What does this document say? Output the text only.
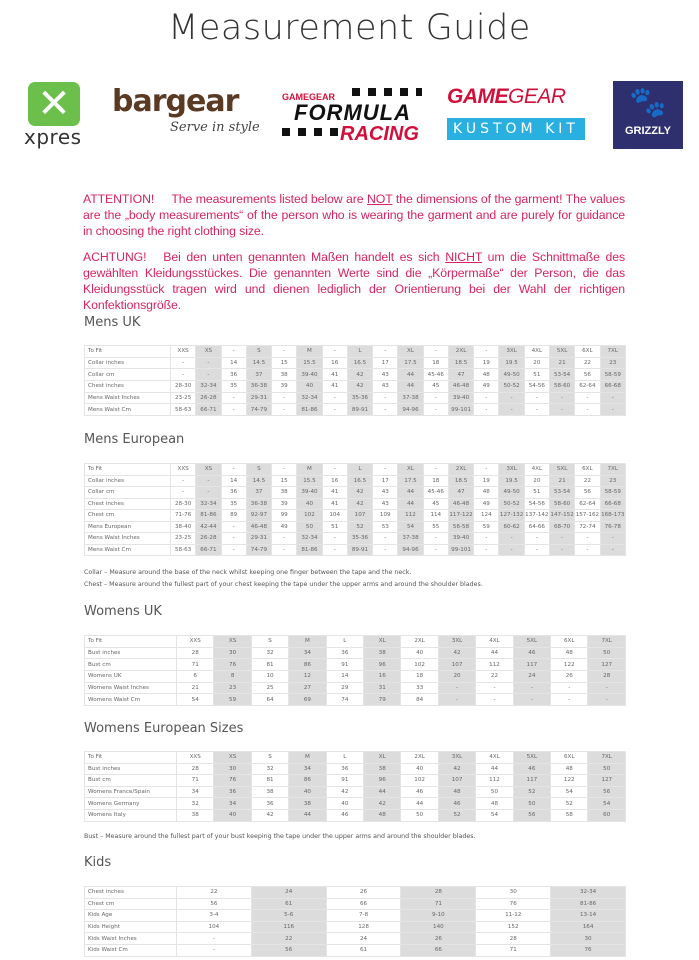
Measurement Guide
✕
xpres
bargear
Serve in style
GAMEGEAR
FORMULA
RACING
GAMEGEAR
KUSTOM KIT
🐾
GRIZZLY
ATTENTION!     The measurements listed below are NOT the dimensions of the garment! The values are the „body measurements“ of the person who is wearing the garment and are purely for guidance in choosing the right clothing size.
ACHTUNG!   Bei den unten genannten Maßen handelt es sich NICHT um die Schnittmaße des gewählten Kleidungsstückes. Die genannten Werte sind die „Körpermaße“ der Person, die das Kleidungsstück tragen wird und dienen lediglich der Orientierung bei der Wahl der richtigen Konfektionsgröße.
Mens UK
To Fit	XXS	XS	-	S	-	M	-	L	-	XL	-	2XL	-	3XL	4XL	5XL	6XL	7XL
Collar inches	-	-	14	14.5	15	15.5	16	16.5	17	17.5	18	18.5	19	19.5	20	21	22	23
Collar cm	-	-	36	37	38	39-40	41	42	43	44	45-46	47	48	49-50	51	53-54	56	58-59
Chest inches	28-30	32-34	35	36-38	39	40	41	42	43	44	45	46-48	49	50-52	54-56	58-60	62-64	66-68
Mens Waist Inches	23-25	26-28	-	29-31	-	32-34	-	35-36	-	37-38	-	39-40	-	-	-	-	-	-
Mens Waist Cm	58-63	66-71	-	74-79	-	81-86	-	89-91	-	94-96	-	99-101	-	-	-	-	-	-
Mens European
To Fit	XXS	XS	-	S	-	M	-	L	-	XL	-	2XL	-	3XL	4XL	5XL	6XL	7XL
Collar inches	-	-	14	14.5	15	15.5	16	16.5	17	17.5	18	18.5	19	19.5	20	21	22	23
Collar cm	-	-	36	37	38	39-40	41	42	43	44	45-46	47	48	49-50	51	53-54	56	58-59
Chest inches	28-30	32-34	35	36-38	39	40	41	42	43	44	45	46-48	49	50-52	54-56	58-60	62-64	66-68
Chest cm	71-76	81-86	89	92-97	99	102	104	107	109	112	114	117-122	124	127-132	137-142	147-152	157-162	168-173
Mens European	38-40	42-44	-	46-48	49	50	51	52	53	54	55	56-58	59	60-62	64-66	68-70	72-74	76-78
Mens Waist Inches	23-25	26-28	-	29-31	-	32-34	-	35-36	-	37-38	-	39-40	-	-	-	-	-	-
Mens Waist Cm	58-63	66-71	-	74-79	-	81-86	-	89-91	-	94-96	-	99-101	-	-	-	-	-	-
Collar – Measure around the base of the neck whilst keeping one finger between the tape and the neck.
Chest – Measure around the fullest part of your chest keeping the tape under the upper arms and around the shoulder blades.
Womens UK
To Fit	XXS	XS	S	M	L	XL	2XL	3XL	4XL	5XL	6XL	7XL
Bust inches	28	30	32	34	36	38	40	42	44	46	48	50
Bust cm	71	76	81	86	91	96	102	107	112	117	122	127
Womens UK	6	8	10	12	14	16	18	20	22	24	26	28
Womens Waist Inches	21	23	25	27	29	31	33	-	-	-	-	-
Womens Waist Cm	54	59	64	69	74	79	84	-	-	-	-	-
Womens European Sizes
To Fit	XXS	XS	S	M	L	XL	2XL	3XL	4XL	5XL	6XL	7XL
Bust inches	28	30	32	34	36	38	40	42	44	46	48	50
Bust cm	71	76	81	86	91	96	102	107	112	117	122	127
Womens France/Spain	34	36	38	40	42	44	46	48	50	52	54	56
Womens Germany	32	34	36	38	40	42	44	46	48	50	52	54
Womens Italy	38	40	42	44	46	48	50	52	54	56	58	60
Bust – Measure around the fullest part of your bust keeping the tape under the upper arms and around the shoulder blades.
Kids
Chest inches	22	24	26	28	30	32-34
Chest cm	56	61	66	71	76	81-86
Kids Age	3-4	5-6	7-8	9-10	11-12	13-14
Kids Height	104	116	128	140	152	164
Kids Waist Inches	-	22	24	26	28	30
Kids Waist Cm	-	56	61	66	71	76
